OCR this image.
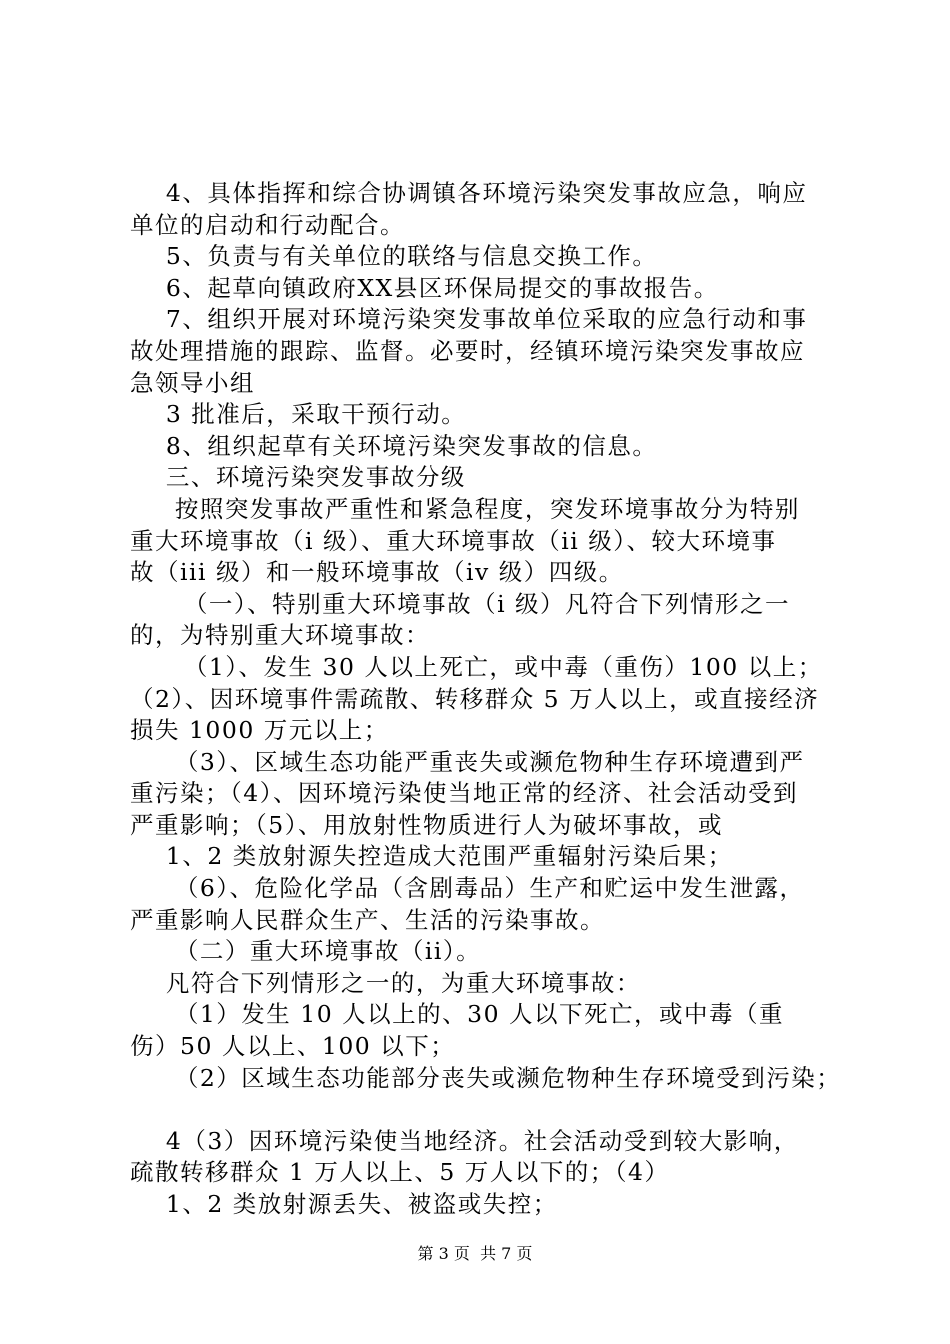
4、具体指挥和综合协调镇各环境污染突发事故应急，响应
单位的启动和行动配合。
5、负责与有关单位的联络与信息交换工作。
6、起草向镇政府XX县区环保局提交的事故报告。
7、组织开展对环境污染突发事故单位采取的应急行动和事
故处理措施的跟踪、监督。必要时，经镇环境污染突发事故应
急领导小组
3 批准后，采取干预行动。
8、组织起草有关环境污染突发事故的信息。
三、环境污染突发事故分级
按照突发事故严重性和紧急程度，突发环境事故分为特别
重大环境事故（i 级）、重大环境事故（ii 级）、较大环境事
故（iii 级）和一般环境事故（iv 级）四级。
（一）、特别重大环境事故（i 级）凡符合下列情形之一
的，为特别重大环境事故：
（1）、发生 30 人以上死亡，或中毒（重伤）100 以上；
（2）、因环境事件需疏散、转移群众 5 万人以上，或直接经济
损失 1000 万元以上；
（3）、区域生态功能严重丧失或濒危物种生存环境遭到严
重污染；（4）、因环境污染使当地正常的经济、社会活动受到
严重影响；（5）、用放射性物质进行人为破坏事故，或
1、2 类放射源失控造成大范围严重辐射污染后果；
（6）、危险化学品（含剧毒品）生产和贮运中发生泄露，
严重影响人民群众生产、生活的污染事故。
（二）重大环境事故（ii）。
凡符合下列情形之一的，为重大环境事故：
（1）发生 10 人以上的、30 人以下死亡，或中毒（重
伤）50 人以上、100 以下；
（2）区域生态功能部分丧失或濒危物种生存环境受到污染；
4（3）因环境污染使当地经济。社会活动受到较大影响，
疏散转移群众 1 万人以上、5 万人以下的；（4）
1、2 类放射源丢失、被盗或失控；
第 3 页  共 7 页
